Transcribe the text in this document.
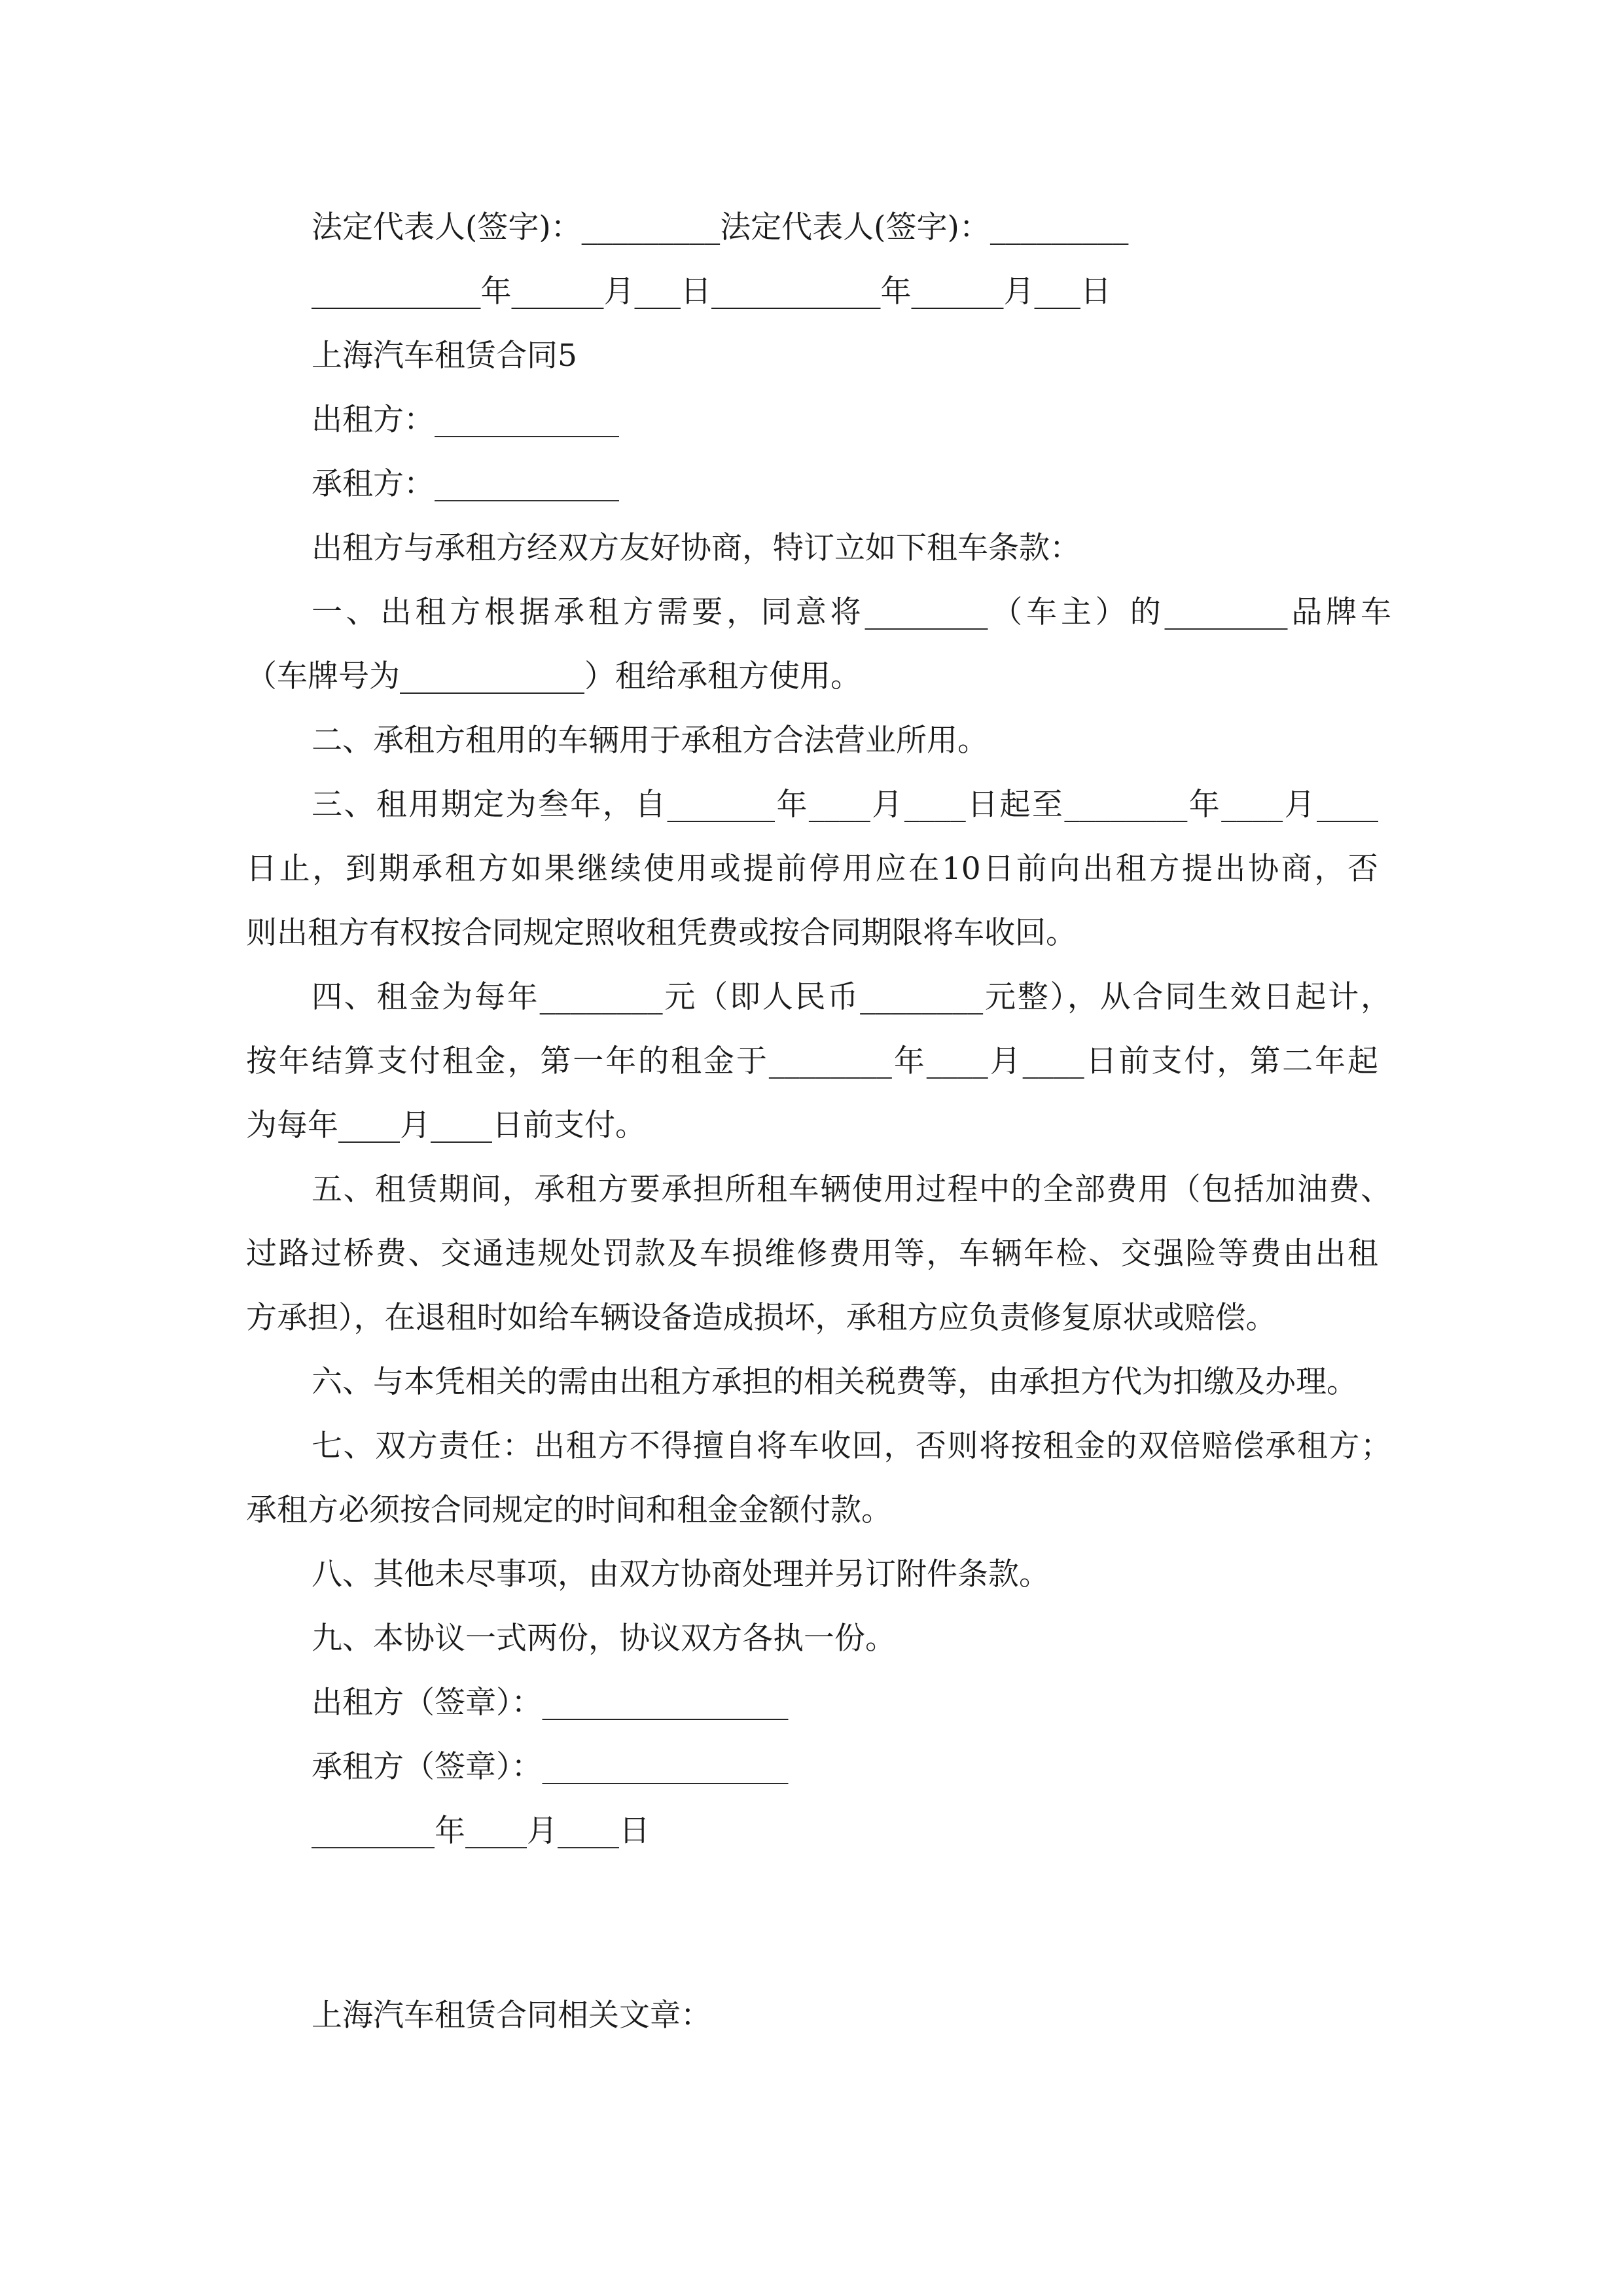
法定代表人(签字)：_________法定代表人(签字)：_________
___________年______月___日___________年______月___日
上海汽车租赁合同5
出租方：____________
承租方：____________
出租方与承租方经双方友好协商，特订立如下租车条款：
一、出租方根据承租方需要，同意将________（车主）的________品牌车
（车牌号为____________）租给承租方使用。
二、承租方租用的车辆用于承租方合法营业所用。
三、租用期定为叁年，自_______年____月____日起至________年____月____
日止，到期承租方如果继续使用或提前停用应在10日前向出租方提出协商，否
则出租方有权按合同规定照收租凭费或按合同期限将车收回。
四、租金为每年________元（即人民币________元整），从合同生效日起计，
按年结算支付租金，第一年的租金于________年____月____日前支付，第二年起
为每年____月____日前支付。
五、租赁期间，承租方要承担所租车辆使用过程中的全部费用（包括加油费、
过路过桥费、交通违规处罚款及车损维修费用等，车辆年检、交强险等费由出租
方承担），在退租时如给车辆设备造成损坏，承租方应负责修复原状或赔偿。
六、与本凭相关的需由出租方承担的相关税费等，由承担方代为扣缴及办理。
七、双方责任：出租方不得擅自将车收回，否则将按租金的双倍赔偿承租方；
承租方必须按合同规定的时间和租金金额付款。
八、其他未尽事项，由双方协商处理并另订附件条款。
九、本协议一式两份，协议双方各执一份。
出租方（签章）：________________
承租方（签章）：________________
________年____月____日
上海汽车租赁合同相关文章：
